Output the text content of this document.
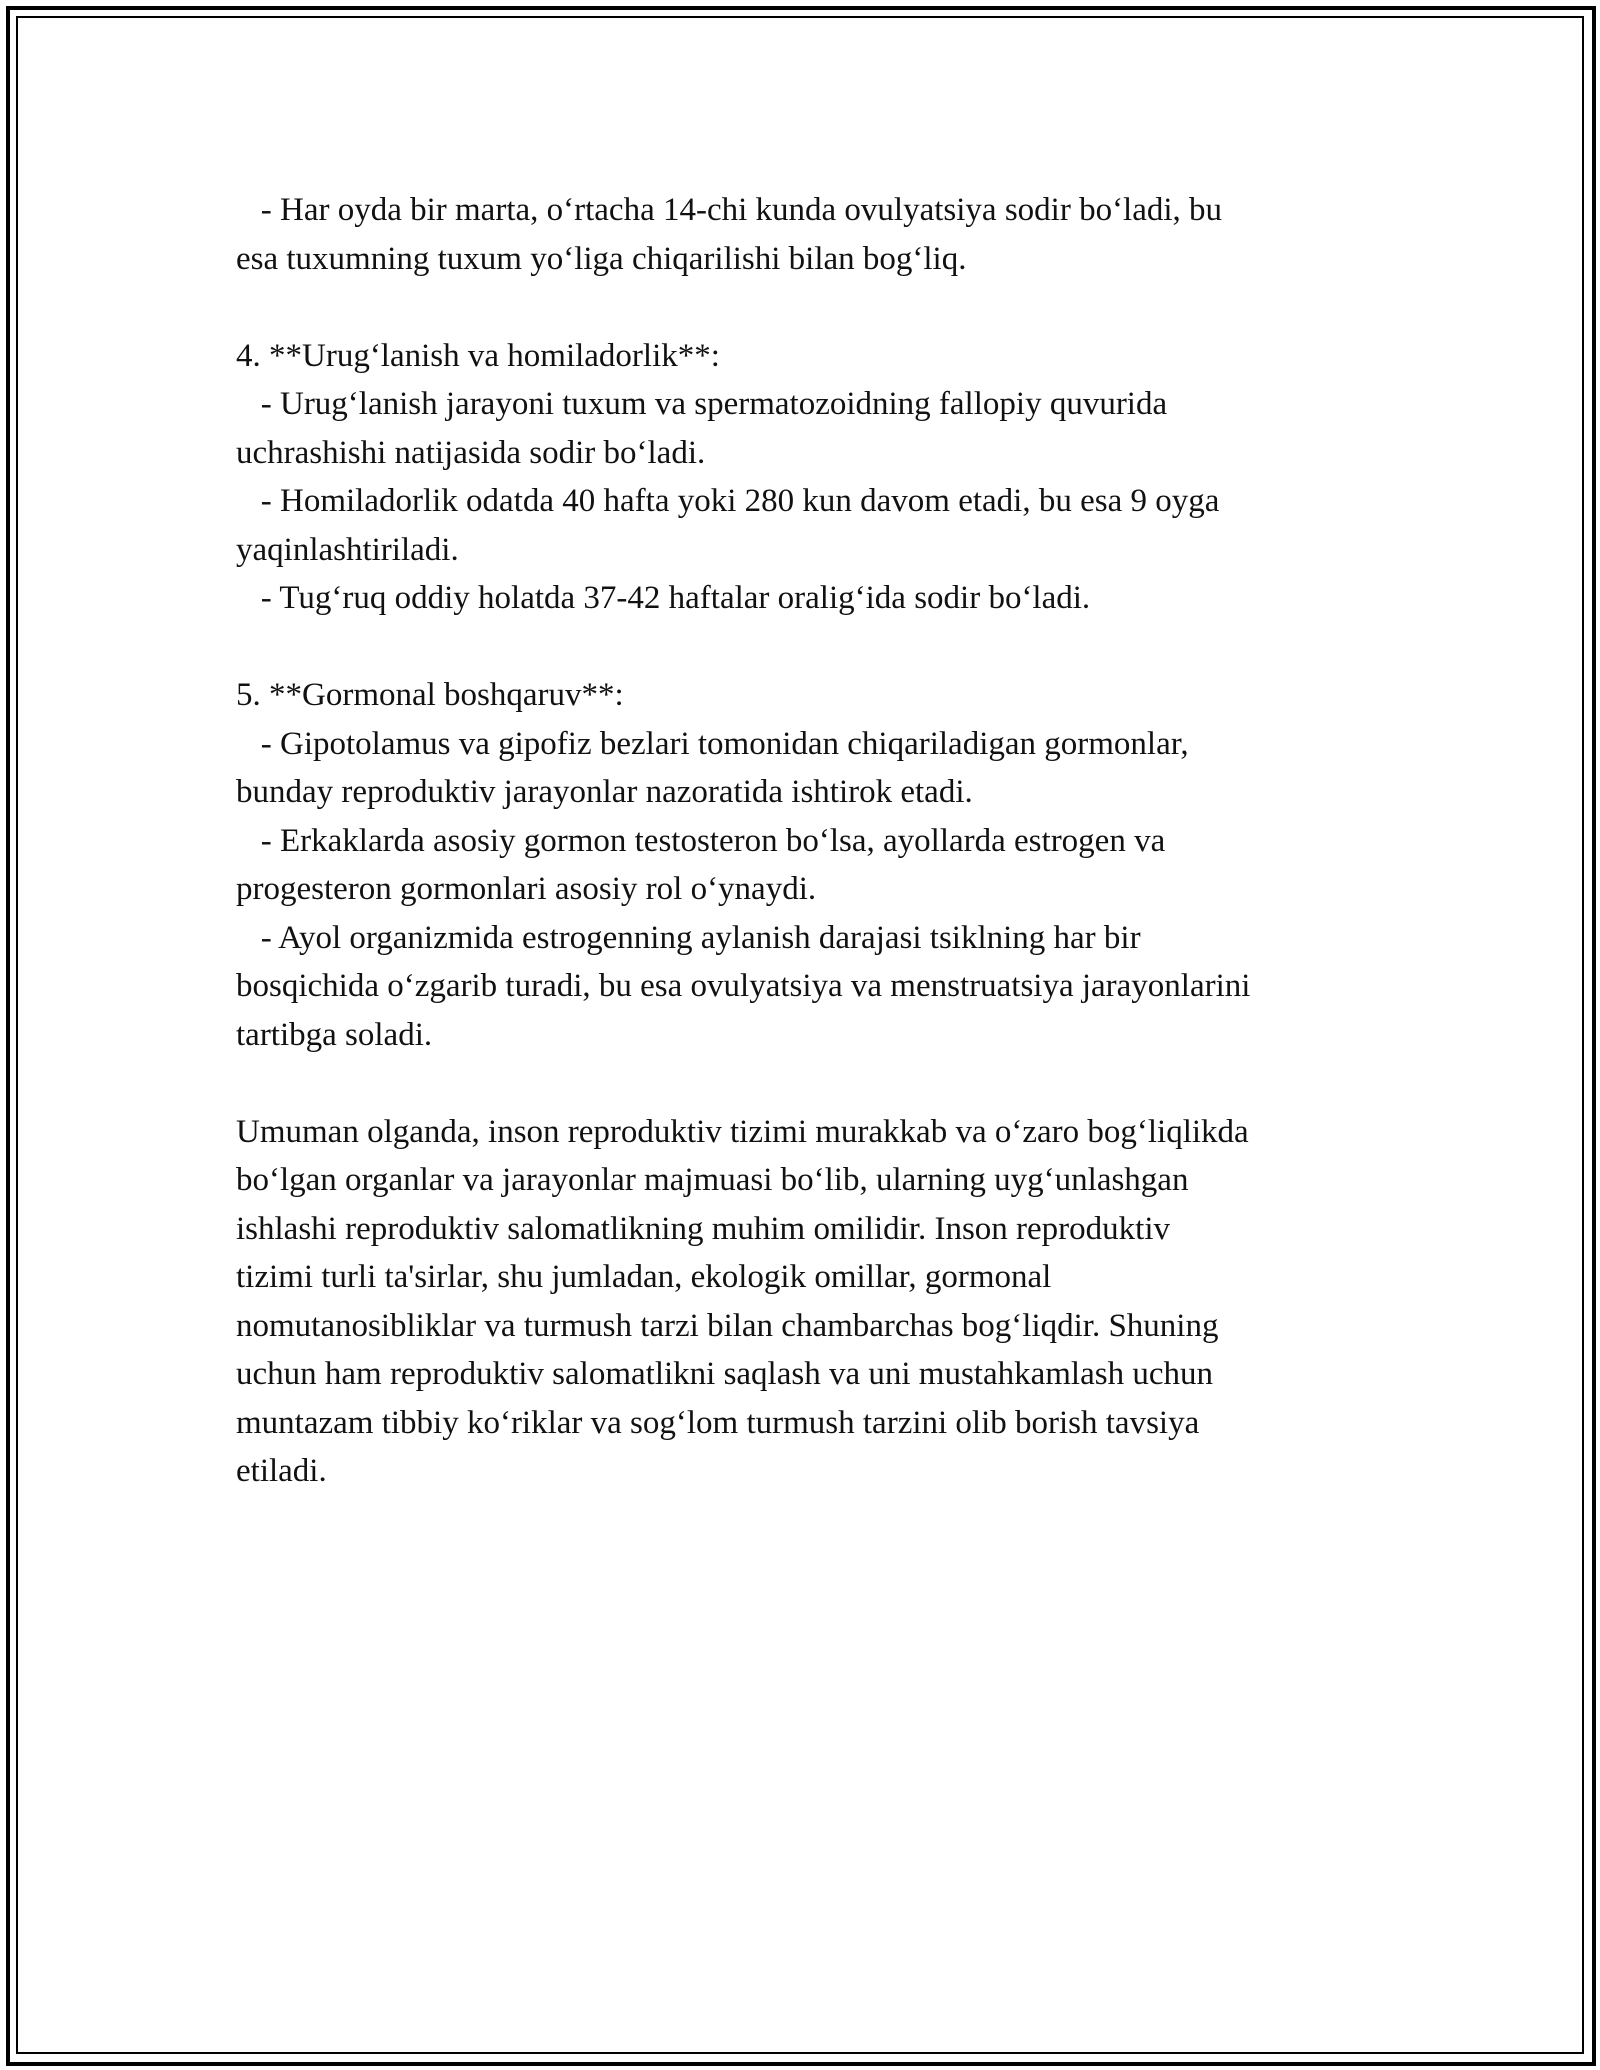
- Har oyda bir marta, o‘rtacha 14-chi kunda ovulyatsiya sodir bo‘ladi, bu
esa tuxumning tuxum yo‘liga chiqarilishi bilan bog‘liq.
4. **Urug‘lanish va homiladorlik**:
- Urug‘lanish jarayoni tuxum va spermatozoidning fallopiy quvurida
uchrashishi natijasida sodir bo‘ladi.
- Homiladorlik odatda 40 hafta yoki 280 kun davom etadi, bu esa 9 oyga
yaqinlashtiriladi.
- Tug‘ruq oddiy holatda 37-42 haftalar oralig‘ida sodir bo‘ladi.
5. **Gormonal boshqaruv**:
- Gipotolamus va gipofiz bezlari tomonidan chiqariladigan gormonlar,
bunday reproduktiv jarayonlar nazoratida ishtirok etadi.
- Erkaklarda asosiy gormon testosteron bo‘lsa, ayollarda estrogen va
progesteron gormonlari asosiy rol o‘ynaydi.
- Ayol organizmida estrogenning aylanish darajasi tsiklning har bir
bosqichida o‘zgarib turadi, bu esa ovulyatsiya va menstruatsiya jarayonlarini
tartibga soladi.
Umuman olganda, inson reproduktiv tizimi murakkab va o‘zaro bog‘liqlikda
bo‘lgan organlar va jarayonlar majmuasi bo‘lib, ularning uyg‘unlashgan
ishlashi reproduktiv salomatlikning muhim omilidir. Inson reproduktiv
tizimi turli ta'sirlar, shu jumladan, ekologik omillar, gormonal
nomutanosibliklar va turmush tarzi bilan chambarchas bog‘liqdir. Shuning
uchun ham reproduktiv salomatlikni saqlash va uni mustahkamlash uchun
muntazam tibbiy ko‘riklar va sog‘lom turmush tarzini olib borish tavsiya
etiladi.
